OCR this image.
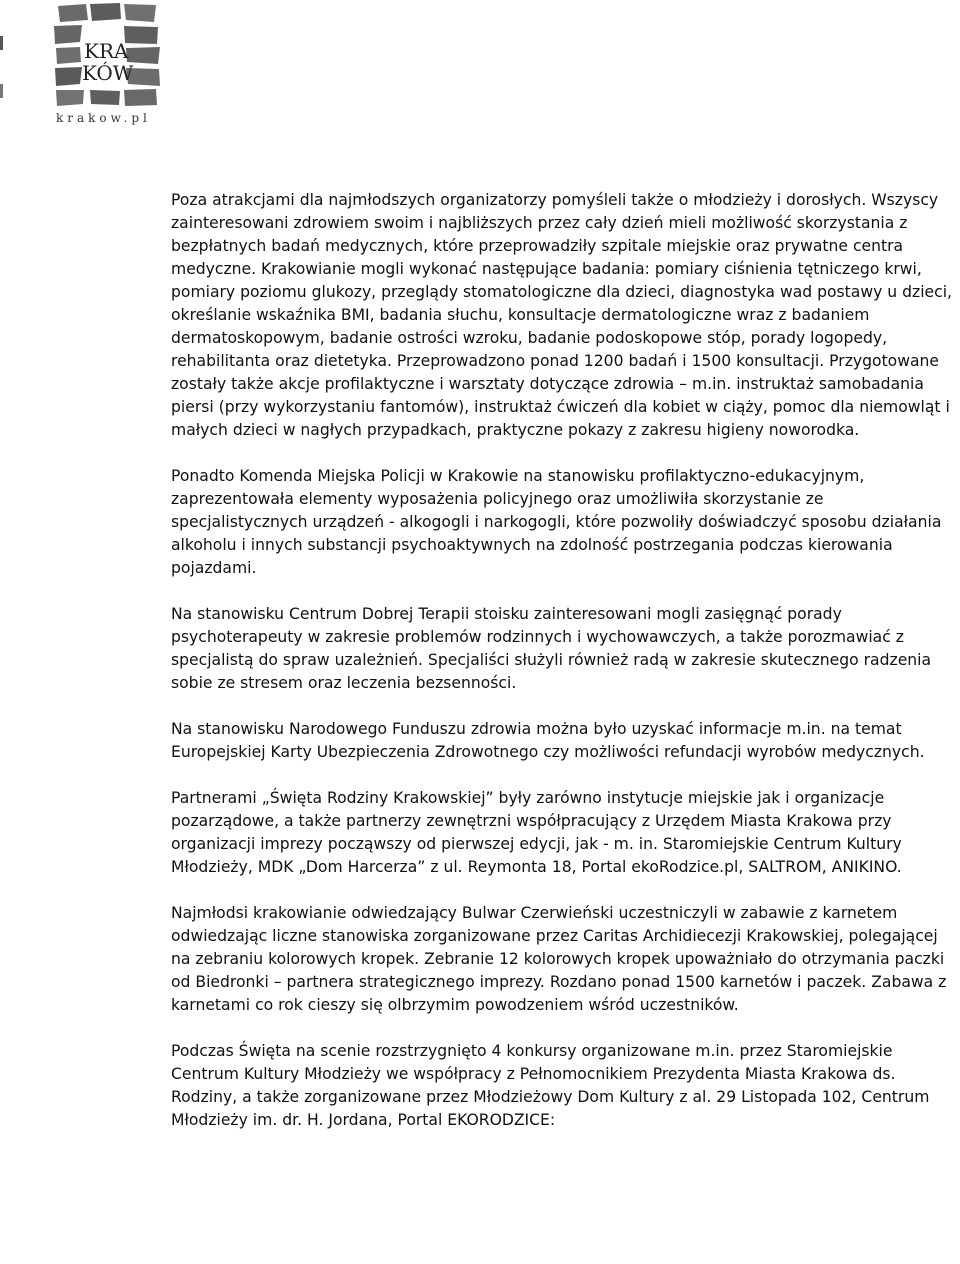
KRA
KÓW
krakow.pl

Poza atrakcjami dla najmłodszych organizatorzy pomyśleli także o młodzieży i dorosłych. Wszyscy zainteresowani zdrowiem swoim i najbliższych przez cały dzień mieli możliwość skorzystania z bezpłatnych badań medycznych, które przeprowadziły szpitale miejskie oraz prywatne centra medyczne. Krakowianie mogli wykonać następujące badania: pomiary ciśnienia tętniczego krwi, pomiary poziomu glukozy, przeglądy stomatologiczne dla dzieci, diagnostyka wad postawy u dzieci, określanie wskaźnika BMI, badania słuchu, konsultacje dermatologiczne wraz z badaniem dermatoskopowym, badanie ostrości wzroku, badanie podoskopowe stóp, porady logopedy, rehabilitanta oraz dietetyka. Przeprowadzono ponad 1200 badań i 1500 konsultacji. Przygotowane zostały także akcje profilaktyczne i warsztaty dotyczące zdrowia – m.in. instruktaż samobadania piersi (przy wykorzystaniu fantomów), instruktaż ćwiczeń dla kobiet w ciąży, pomoc dla niemowląt i małych dzieci w nagłych przypadkach, praktyczne pokazy z zakresu higieny noworodka.

Ponadto Komenda Miejska Policji w Krakowie na stanowisku profilaktyczno-edukacyjnym, zaprezentowała elementy wyposażenia policyjnego oraz umożliwiła skorzystanie ze specjalistycznych urządzeń - alkogogli i narkogogli, które pozwoliły doświadczyć sposobu działania alkoholu i innych substancji psychoaktywnych na zdolność postrzegania podczas kierowania pojazdami.

Na stanowisku Centrum Dobrej Terapii stoisku zainteresowani mogli zasięgnąć porady psychoterapeuty w zakresie problemów rodzinnych i wychowawczych, a także porozmawiać z specjalistą do spraw uzależnień. Specjaliści służyli również radą w zakresie skutecznego radzenia sobie ze stresem oraz leczenia bezsenności.

Na stanowisku Narodowego Funduszu zdrowia można było uzyskać informacje m.in. na temat Europejskiej Karty Ubezpieczenia Zdrowotnego czy możliwości refundacji wyrobów medycznych.

Partnerami „Święta Rodziny Krakowskiej” były zarówno instytucje miejskie jak i organizacje pozarządowe, a także partnerzy zewnętrzni współpracujący z Urzędem Miasta Krakowa przy organizacji imprezy począwszy od pierwszej edycji, jak - m. in. Staromiejskie Centrum Kultury Młodzieży, MDK „Dom Harcerza” z ul. Reymonta 18, Portal ekoRodzice.pl, SALTROM, ANIKINO.

Najmłodsi krakowianie odwiedzający Bulwar Czerwieński uczestniczyli w zabawie z karnetem odwiedzając liczne stanowiska zorganizowane przez Caritas Archidiecezji Krakowskiej, polegającej na zebraniu kolorowych kropek. Zebranie 12 kolorowych kropek upoważniało do otrzymania paczki od Biedronki – partnera strategicznego imprezy. Rozdano ponad 1500 karnetów i paczek. Zabawa z karnetami co rok cieszy się olbrzymim powodzeniem wśród uczestników.

Podczas Święta na scenie rozstrzygnięto 4 konkursy organizowane m.in. przez Staromiejskie Centrum Kultury Młodzieży we współpracy z Pełnomocnikiem Prezydenta Miasta Krakowa ds. Rodziny, a także zorganizowane przez Młodzieżowy Dom Kultury z al. 29 Listopada 102, Centrum Młodzieży im. dr. H. Jordana, Portal EKORODZICE:
